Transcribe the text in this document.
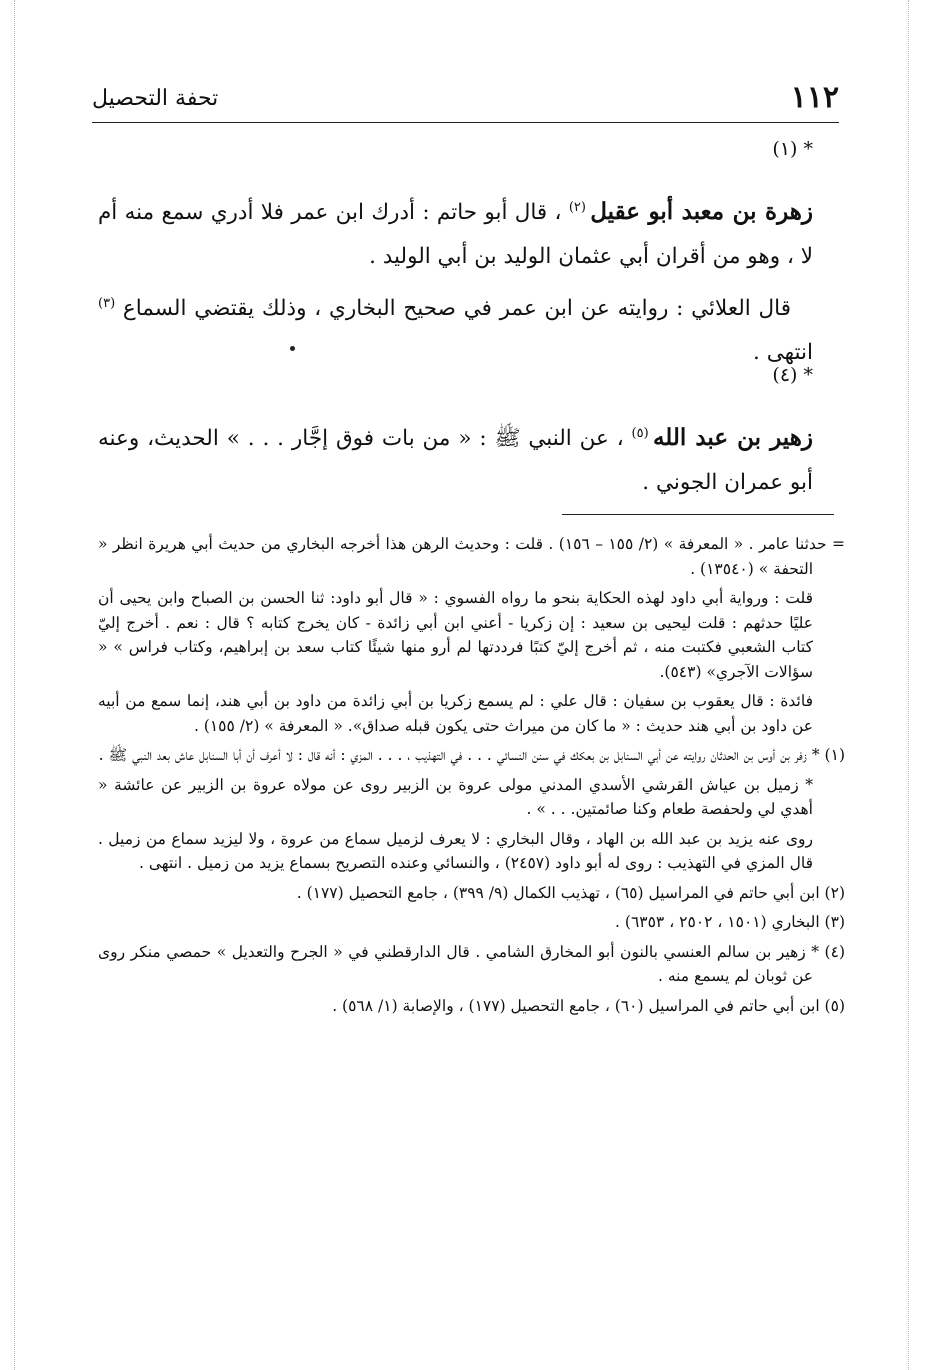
١١٢
تحفة التحصيل
* (١)
زهرة بن معبد أبو عقيل $^{(٢)}$ ، قال أبو حاتم : أدرك ابن عمر فلا أدري سمع منه أم لا ، وهو من أقران أبي عثمان الوليد بن أبي الوليد .
قال العلائي : روايته عن ابن عمر في صحيح البخاري ، وذلك يقتضي السماع $^{(٣)}$ انتهى .
* (٤)
زهير بن عبد الله $^{(٥)}$ ، عن النبي ﷺ : « من بات فوق إجَّار . . . » الحديث، وعنه أبو عمران الجوني .

= حدثنا عامر . « المعرفة » (٢/ ١٥٥ – ١٥٦) . قلت : وحديث الرهن هذا أخرجه البخاري من حديث أبي هريرة انظر « التحفة » (١٣٥٤٠) .

قلت : ورواية أبي داود لهذه الحكاية بنحو ما رواه الفسوي : « قال أبو داود: ثنا الحسن بن الصباح وابن يحيى أن عليًا حدثهم : قلت ليحيى بن سعيد : إن زكريا - أعني ابن أبي زائدة - كان يخرج كتابه ؟ قال : نعم . أخرج إليّ كتاب الشعبي فكتبت منه ، ثم أخرج إليّ كتبًا فرددتها لم أرو منها شيئًا كتاب سعد بن إبراهيم، وكتاب فراس » « سؤالات الآجري» (٥٤٣).

فائدة : قال يعقوب بن سفيان : قال علي : لم يسمع زكريا بن أبي زائدة من داود بن أبي هند، إنما سمع من أبيه عن داود بن أبي هند حديث : « ما كان من ميراث حتى يكون قبله صداق». « المعرفة » (٢/ ١٥٥) .

(١) * زفر بن أوس بن الحدثان روايته عن أبي السنابل بن بعكك في سنن النسائي . . . في التهذيب ، . . . المزي : أنه قال : لا أعرف أن أبا السنابل عاش بعد النبي ﷺ .

* زميل بن عياش القرشي الأسدي المدني مولى عروة بن الزبير روى عن مولاه عروة بن الزبير عن عائشة « أهدي لي ولحفصة طعام وكنا صائمتين. . . » .

روى عنه يزيد بن عبد الله بن الهاد ، وقال البخاري : لا يعرف لزميل سماع من عروة ، ولا ليزيد سماع من زميل . قال المزي في التهذيب : روى له أبو داود (٢٤٥٧) ، والنسائي وعنده التصريح بسماع يزيد من زميل . انتهى .

(٢) ابن أبي حاتم في المراسيل (٦٥) ، تهذيب الكمال (٩/ ٣٩٩) ، جامع التحصيل (١٧٧) .

(٣) البخاري (١٥٠١ ، ٢٥٠٢ ، ٦٣٥٣) .

(٤) * زهير بن سالم العنسي بالنون أبو المخارق الشامي . قال الدارقطني في « الجرح والتعديل » حمصي منكر روى عن ثوبان لم يسمع منه .

(٥) ابن أبي حاتم في المراسيل (٦٠) ، جامع التحصيل (١٧٧) ، والإصابة (١/ ٥٦٨) .
